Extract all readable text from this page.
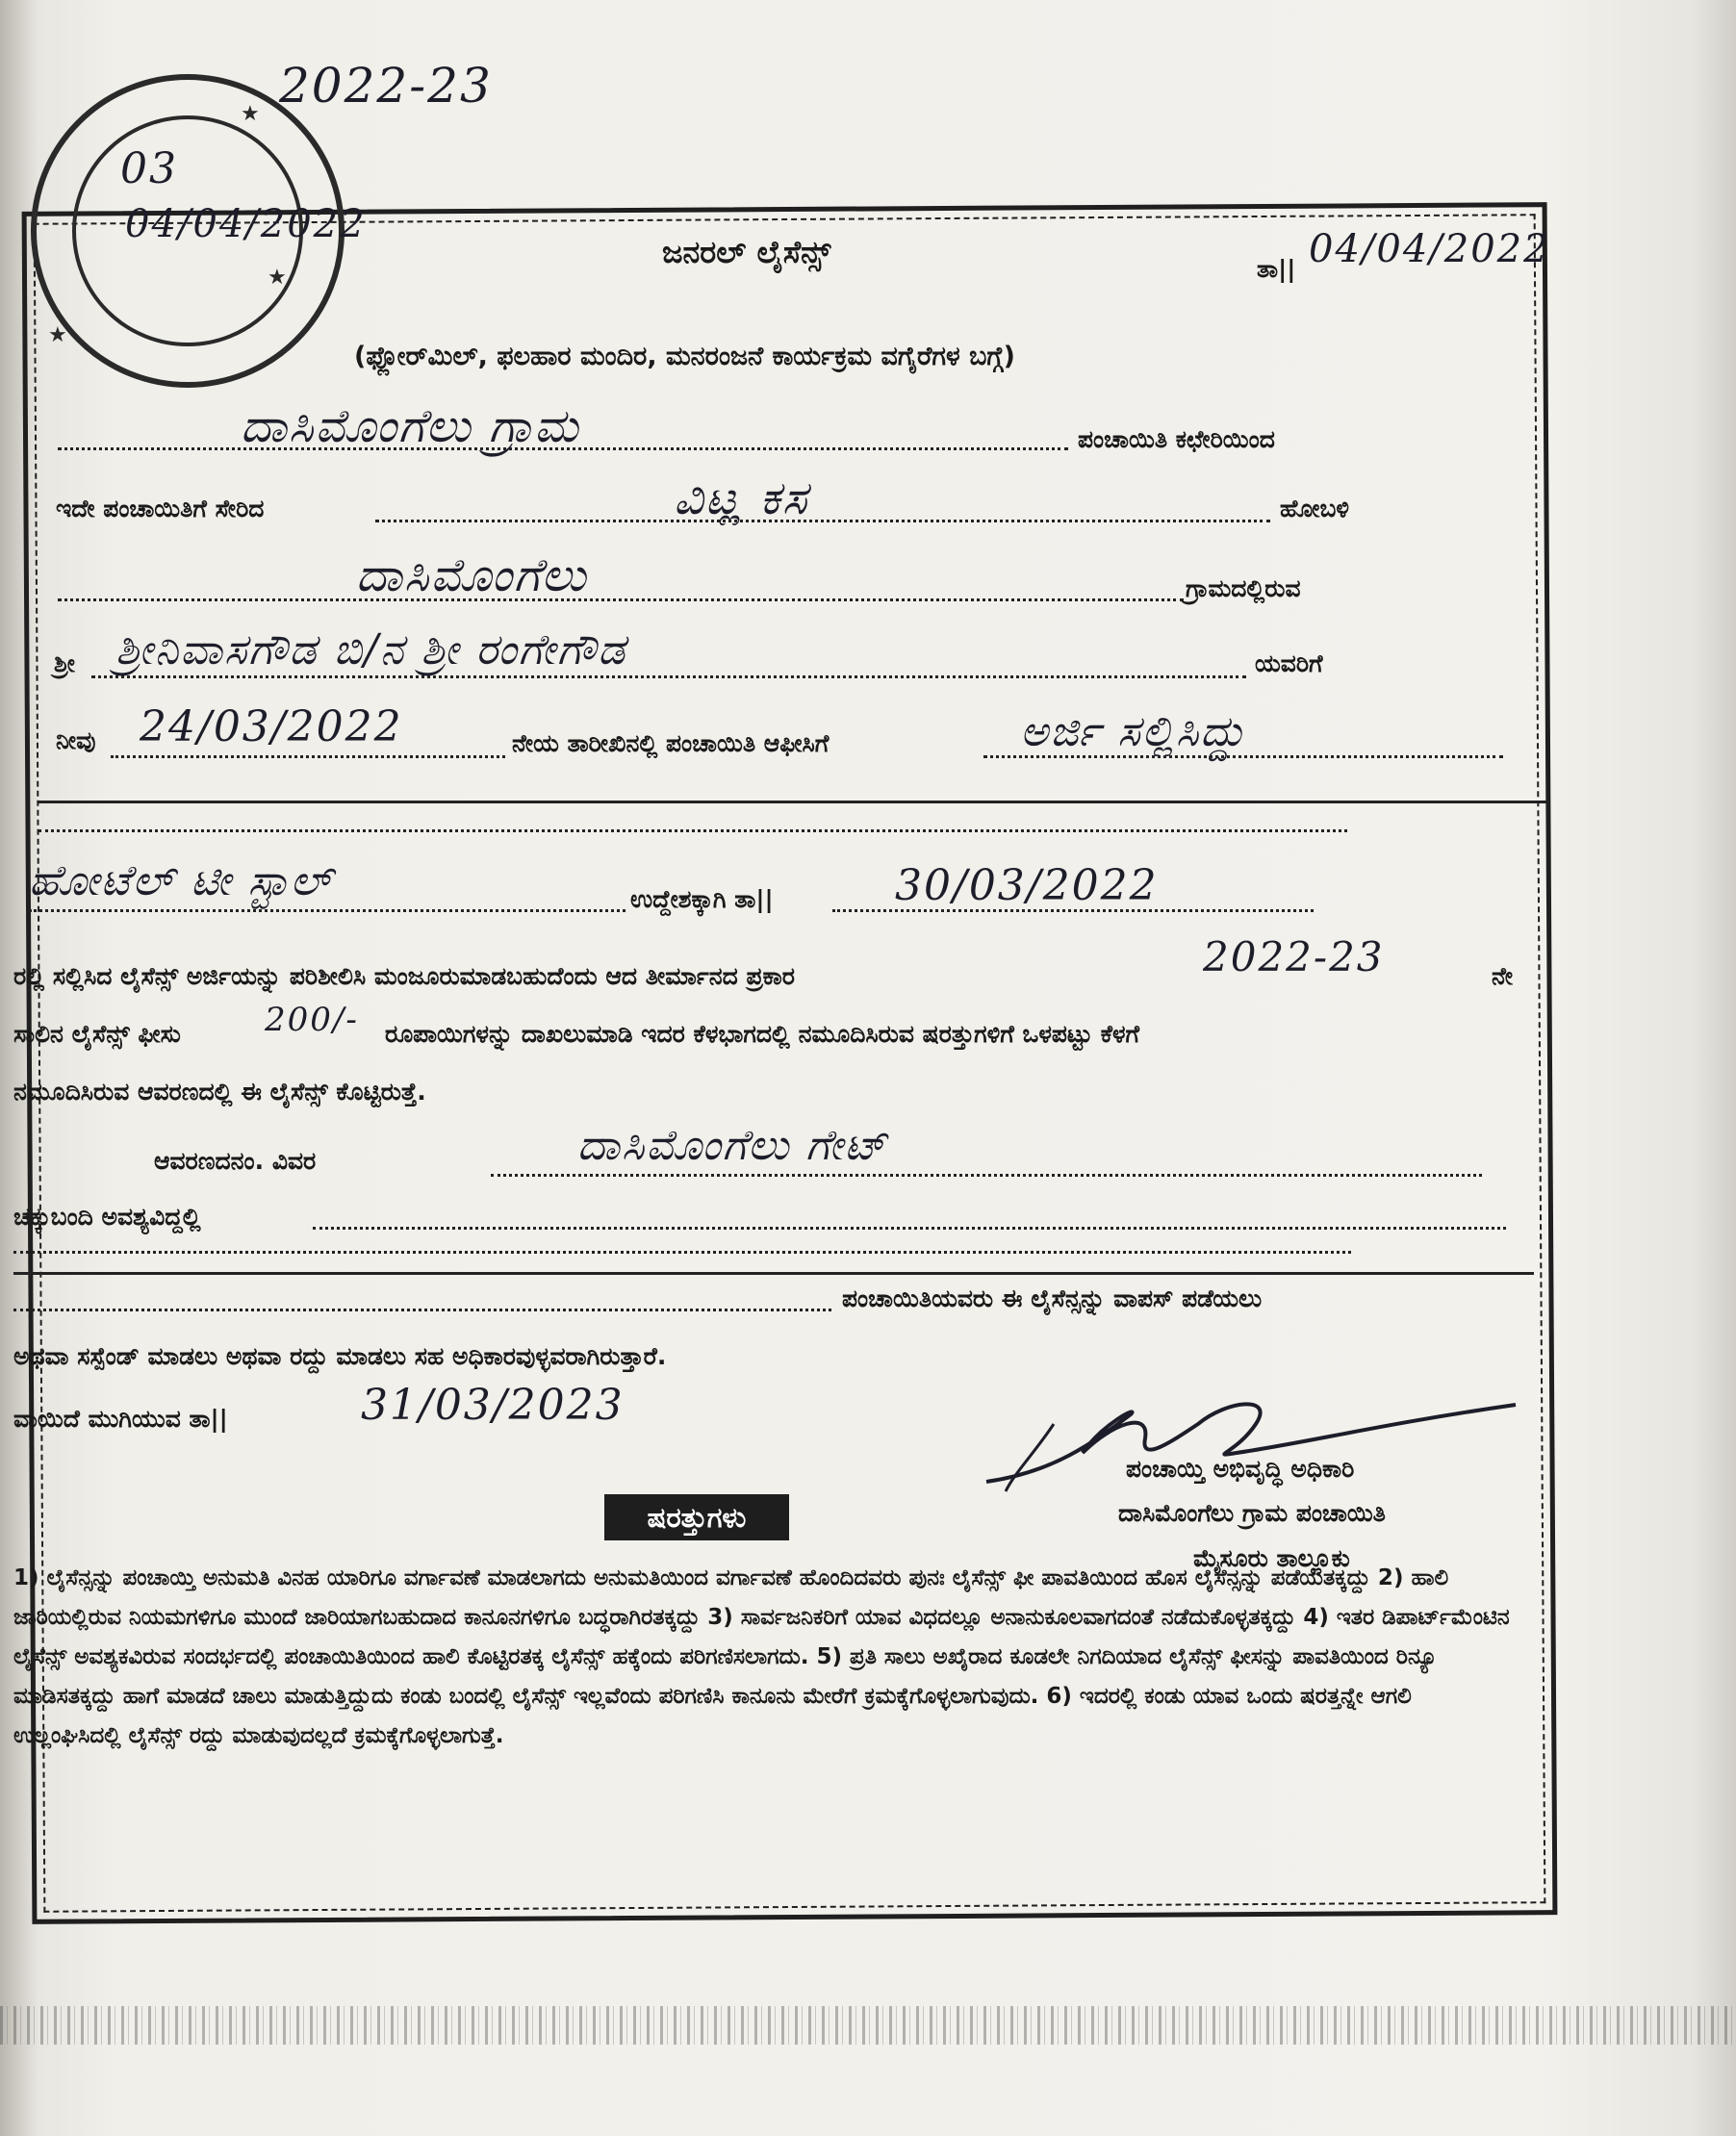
★
★
★
2022-23
03
04/04/2022
ಜನರಲ್ ಲೈಸೆನ್ಸ್	ತಾ|| 04/04/2022
(ಫ್ಲೋರ್‌ಮಿಲ್, ಫಲಹಾರ ಮಂದಿರ, ಮನರಂಜನೆ ಕಾರ್ಯಕ್ರಮ ವಗೈರೆಗಳ ಬಗ್ಗೆ)
ದಾಸಿಮೊಂಗೆಲು ಗ್ರಾಮ	ಪಂಚಾಯಿತಿ ಕಛೇರಿಯಿಂದ
ಇದೇ ಪಂಚಾಯಿತಿಗೆ ಸೇರಿದ	ವಿಟ್ಲ ಕಸ	ಹೋಬಳಿ
ದಾಸಿಮೊಂಗೆಲು	ಗ್ರಾಮದಲ್ಲಿರುವ
ಶ್ರೀ ಶ್ರೀನಿವಾಸಗೌಡ ಬಿ/ನ ಶ್ರೀ ರಂಗೇಗೌಡ	ಯವರಿಗೆ
ನೀವು 24/03/2022	ನೇಯ ತಾರೀಖಿನಲ್ಲಿ ಪಂಚಾಯಿತಿ ಆಫೀಸಿಗೆ	ಅರ್ಜಿ ಸಲ್ಲಿಸಿದ್ದು
ಹೋಟೆಲ್ ಟೀ ಸ್ಟಾಲ್	ಉದ್ದೇಶಕ್ಕಾಗಿ ತಾ||	30/03/2022
ರಲ್ಲಿ ಸಲ್ಲಿಸಿದ ಲೈಸೆನ್ಸ್ ಅರ್ಜಿಯನ್ನು ಪರಿಶೀಲಿಸಿ ಮಂಜೂರುಮಾಡಬಹುದೆಂದು ಆದ ತೀರ್ಮಾನದ ಪ್ರಕಾರ	2022-23	ನೇ
ಸಾಲಿನ ಲೈಸೆನ್ಸ್ ಫೀಸು	200/- ರೂಪಾಯಿಗಳನ್ನು ದಾಖಲುಮಾಡಿ ಇದರ ಕೆಳಭಾಗದಲ್ಲಿ ನಮೂದಿಸಿರುವ ಷರತ್ತುಗಳಿಗೆ ಒಳಪಟ್ಟು ಕೆಳಗೆ
ನಮೂದಿಸಿರುವ ಆವರಣದಲ್ಲಿ ಈ ಲೈಸೆನ್ಸ್ ಕೊಟ್ಟಿರುತ್ತೆ.
ಆವರಣದನಂ. ವಿವರ	ದಾಸಿಮೊಂಗೆಲು ಗೇಟ್
ಚಕ್ಕುಬಂದಿ ಅವಶ್ಯವಿದ್ದಲ್ಲಿ
ಪಂಚಾಯಿತಿಯವರು ಈ ಲೈಸೆನ್ಸನ್ನು ವಾಪಸ್ ಪಡೆಯಲು
ಅಥವಾ ಸಸ್ಪೆಂಡ್ ಮಾಡಲು ಅಥವಾ ರದ್ದು ಮಾಡಲು ಸಹ ಅಧಿಕಾರವುಳ್ಳವರಾಗಿರುತ್ತಾರೆ.
ವಾಯಿದೆ ಮುಗಿಯುವ ತಾ||	31/03/2023
ಪಂಚಾಯ್ತಿ ಅಭಿವೃದ್ಧಿ ಅಧಿಕಾರಿ
ದಾಸಿಮೊಂಗೆಲು ಗ್ರಾಮ ಪಂಚಾಯಿತಿ
ಮೈಸೂರು ತಾಲ್ಲೂಕು
ಷರತ್ತುಗಳು
1) ಲೈಸೆನ್ಸನ್ನು ಪಂಚಾಯ್ತಿ ಅನುಮತಿ ವಿನಹ ಯಾರಿಗೂ ವರ್ಗಾವಣೆ ಮಾಡಲಾಗದು ಅನುಮತಿಯಿಂದ ವರ್ಗಾವಣೆ ಹೊಂದಿದವರು ಪುನಃ ಲೈಸೆನ್ಸ್ ಫೀ ಪಾವತಿಯಿಂದ ಹೊಸ ಲೈಸೆನ್ಸನ್ನು ಪಡೆಯತಕ್ಕದ್ದು 2) ಹಾಲಿ ಜಾರಿಯಲ್ಲಿರುವ ನಿಯಮಗಳಿಗೂ ಮುಂದೆ ಜಾರಿಯಾಗಬಹುದಾದ ಕಾನೂನಗಳಿಗೂ ಬದ್ಧರಾಗಿರತಕ್ಕದ್ದು 3) ಸಾರ್ವಜನಿಕರಿಗೆ ಯಾವ ವಿಧದಲ್ಲೂ ಅನಾನುಕೂಲವಾಗದಂತೆ ನಡೆದುಕೊಳ್ಳತಕ್ಕದ್ದು 4) ಇತರ ಡಿಪಾರ್ಟ್‌ಮೆಂಟಿನ ಲೈಸೆನ್ಸ್ ಅವಶ್ಯಕವಿರುವ ಸಂದರ್ಭದಲ್ಲಿ ಪಂಚಾಯಿತಿಯಿಂದ ಹಾಲಿ ಕೊಟ್ಟಿರತಕ್ಕ ಲೈಸೆನ್ಸ್ ಹಕ್ಕೆಂದು ಪರಿಗಣಿಸಲಾಗದು. 5) ಪ್ರತಿ ಸಾಲು ಅಖೈರಾದ ಕೂಡಲೇ ನಿಗದಿಯಾದ ಲೈಸೆನ್ಸ್ ಫೀಸನ್ನು ಪಾವತಿಯಿಂದ ರಿನ್ಯೂ ಮಾಡಿಸತಕ್ಕದ್ದು ಹಾಗೆ ಮಾಡದೆ ಚಾಲು ಮಾಡುತ್ತಿದ್ದುದು ಕಂಡು ಬಂದಲ್ಲಿ ಲೈಸೆನ್ಸ್ ಇಲ್ಲವೆಂದು ಪರಿಗಣಿಸಿ ಕಾನೂನು ಮೇರೆಗೆ ಕ್ರಮಕ್ಕೆಗೊಳ್ಳಲಾಗುವುದು. 6) ಇದರಲ್ಲಿ ಕಂಡು ಯಾವ ಒಂದು ಷರತ್ತನ್ನೇ ಆಗಲಿ ಉಲ್ಲಂಘಿಸಿದಲ್ಲಿ ಲೈಸೆನ್ಸ್ ರದ್ದು ಮಾಡುವುದಲ್ಲದೆ ಕ್ರಮಕ್ಕೆಗೊಳ್ಳಲಾಗುತ್ತೆ.
